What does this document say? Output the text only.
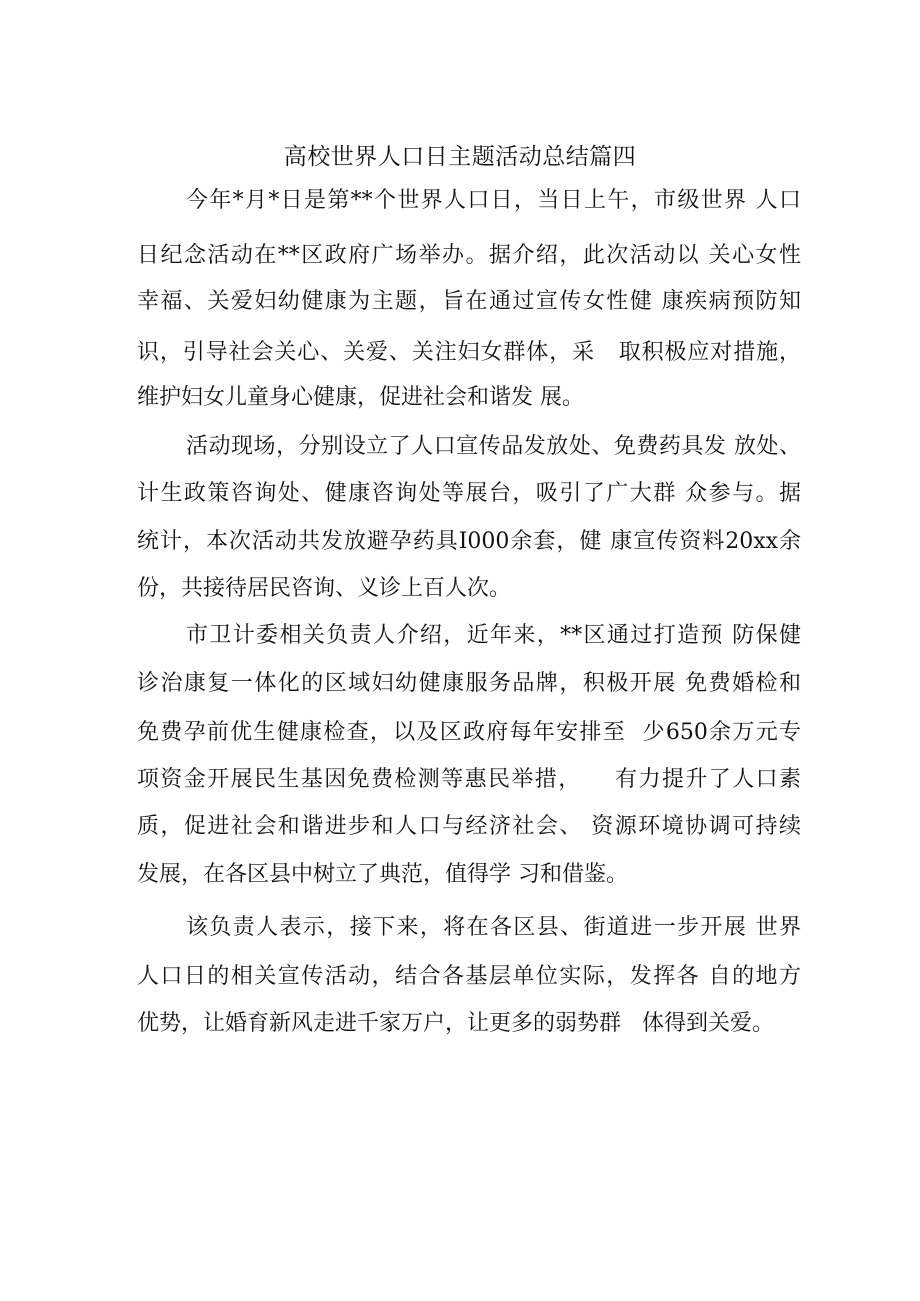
高校世界人口日主题活动总结篇四
今年*月*日是第**个世界人口日，当日上午，市级世界 人口
日纪念活动在**区政府广场举办。据介绍，此次活动以 关心女性
幸福、关爱妇幼健康为主题，旨在通过宣传女性健 康疾病预防知
识，引导社会关心、关爱、关注妇女群体，采   取积极应对措施，
维护妇女儿童身心健康，促进社会和谐发 展。
活动现场，分别设立了人口宣传品发放处、免费药具发 放处、
计生政策咨询处、健康咨询处等展台，吸引了广大群 众参与。据
统计，本次活动共发放避孕药具I000余套，健 康宣传资料20xx余
份，共接待居民咨询、义诊上百人次。
市卫计委相关负责人介绍，近年来，**区通过打造预 防保健
诊治康复一体化的区域妇幼健康服务品牌，积极开展 免费婚检和
免费孕前优生健康检查，以及区政府每年安排至  少650余万元专
项资金开展民生基因免费检测等惠民举措，    有力提升了人口素
质，促进社会和谐进步和人口与经济社会、 资源环境协调可持续
发展，在各区县中树立了典范，值得学 习和借鉴。
该负责人表示，接下来，将在各区县、街道进一步开展 世界
人口日的相关宣传活动，结合各基层单位实际，发挥各 自的地方
优势，让婚育新风走进千家万户，让更多的弱势群   体得到关爱。
